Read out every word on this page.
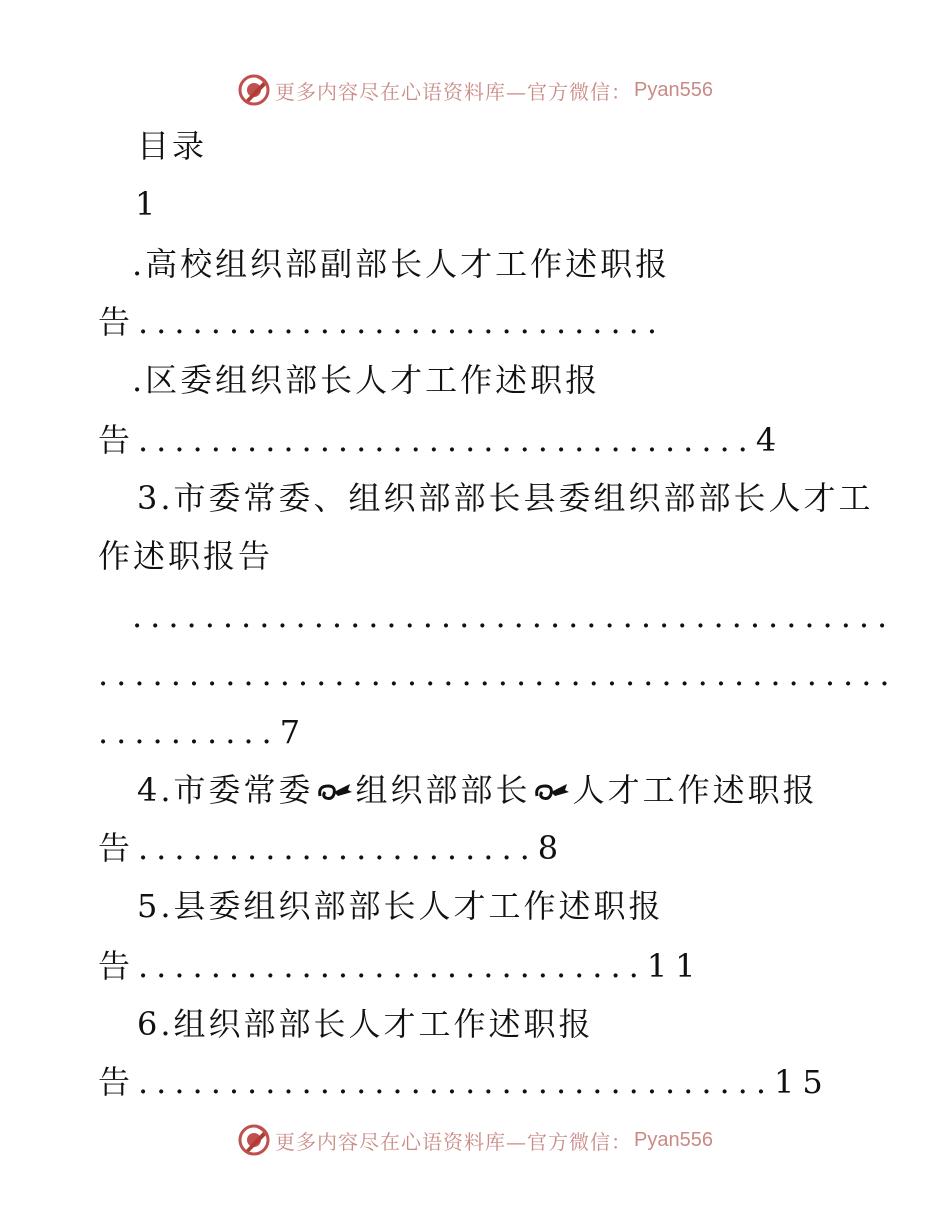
更多内容尽在心语资料库—官方微信： Pyan556
目录
1
.高校组织部副部长人才工作述职报
告.............................
.区委组织部长人才工作述职报
告..................................4
3.市委常委、组织部部长县委组织部部长人才工
作述职报告
..........................................
............................................
..........7
4.市委常委 组织部部长 人才工作述职报
告......................8
5.县委组织部部长人才工作述职报
告............................11
6.组织部部长人才工作述职报
告...................................15
更多内容尽在心语资料库—官方微信： Pyan556
